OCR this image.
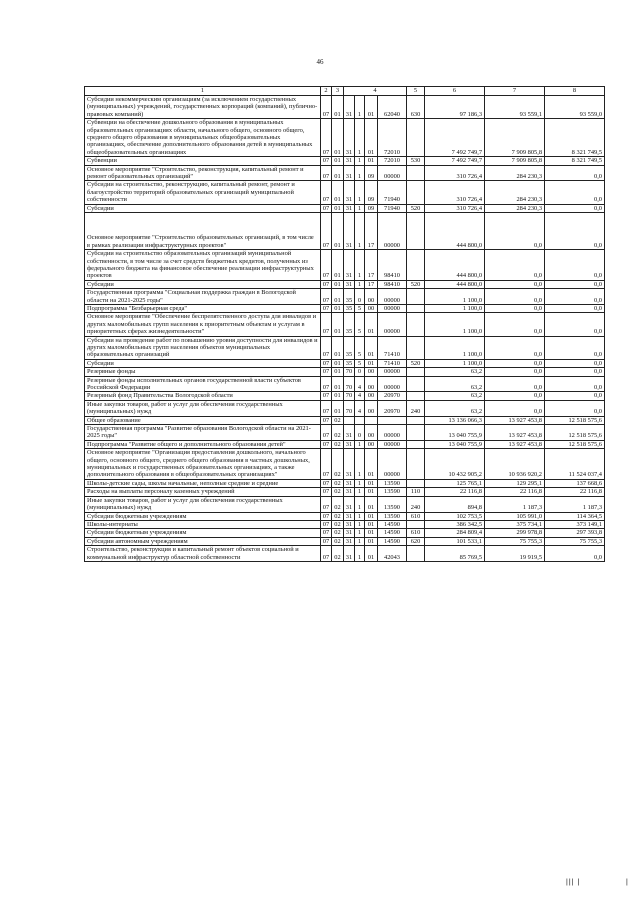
46
1	2	3	4				5	6	7	8
Субсидии некоммерческим организациям (за исключением государственных (муниципальных) учреждений, государственных корпораций (компаний), публично-правовых компаний)	07	01	31	1	01	62040	630	97 186,3	93 559,1	93 559,0
Субвенции на обеспечение дошкольного образования в муниципальных образовательных организациях области, начального общего, основного общего, среднего общего образования в муниципальных общеобразовательных организациях, обеспечение дополнительного образования детей в муниципальных общеобразовательных организациях	07	01	31	1	01	72010		7 492 749,7	7 909 805,8	8 321 749,5
Субвенции	07	01	31	1	01	72010	530	7 492 749,7	7 909 805,8	8 321 749,5
Основное мероприятие "Строительство, реконструкция, капитальный ремонт и ремонт образовательных организаций"	07	01	31	1	09	00000		310 726,4	284 230,3	0,0
Субсидии на строительство, реконструкцию, капитальный ремонт, ремонт и благоустройство территорий образовательных организаций муниципальной собственности	07	01	31	1	09	71940		310 726,4	284 230,3	0,0
Субсидии	07	01	31	1	09	71940	520	310 726,4	284 230,3	0,0
Основное мероприятие "Строительство образовательных организаций, в том числе в рамках реализации инфраструктурных проектов"	07	01	31	1	17	00000		444 800,0	0,0	0,0
Субсидии на строительство образовательных организаций муниципальной собственности, в том числе за счет средств бюджетных кредитов, полученных из федерального бюджета на финансовое обеспечение реализации инфраструктурных проектов	07	01	31	1	17	98410		444 800,0	0,0	0,0
Субсидии	07	01	31	1	17	98410	520	444 800,0	0,0	0,0
Государственная программа "Социальная поддержка граждан в Вологодской области на 2021-2025 годы"	07	01	35	0	00	00000		1 100,0	0,0	0,0
Подпрограмма "Безбарьерная среда"	07	01	35	5	00	00000		1 100,0	0,0	0,0
Основное мероприятие "Обеспечение беспрепятственного доступа для инвалидов и других маломобильных групп населения к приоритетным объектам и услугам в приоритетных сферах жизнедеятельности"	07	01	35	5	01	00000		1 100,0	0,0	0,0
Субсидии на проведение работ по повышению уровня доступности для инвалидов и других маломобильных групп населения объектов муниципальных образовательных организаций	07	01	35	5	01	71410		1 100,0	0,0	0,0
Субсидии	07	01	35	5	01	71410	520	1 100,0	0,0	0,0
Резервные фонды	07	01	70	0	00	00000		63,2	0,0	0,0
Резервные фонды исполнительных органов государственной власти субъектов Российской Федерации	07	01	70	4	00	00000		63,2	0,0	0,0
Резервный фонд Правительства Вологодской области	07	01	70	4	00	20970		63,2	0,0	0,0
Иные закупки товаров, работ и услуг для обеспечения государственных (муниципальных) нужд	07	01	70	4	00	20970	240	63,2	0,0	0,0
Общее образование	07	02						13 136 066,3	13 927 453,8	12 518 575,6
Государственная программа "Развитие образования Вологодской области на 2021-2025 годы"	07	02	31	0	00	00000		13 040 755,9	13 927 453,8	12 518 575,6
Подпрограмма "Развитие общего и дополнительного образования детей"	07	02	31	1	00	00000		13 040 755,9	13 927 453,8	12 518 575,6
Основное мероприятие "Организация предоставления дошкольного, начального общего, основного общего, среднего общего образования в частных дошкольных, муниципальных и государственных образовательных организациях, а также дополнительного образования в общеобразовательных организациях"	07	02	31	1	01	00000		10 432 905,2	10 936 920,2	11 524 037,4
Школы-детские сады, школы начальные, неполные средние и средние	07	02	31	1	01	13590		125 765,1	129 295,1	137 668,6
Расходы на выплаты персоналу казенных учреждений	07	02	31	1	01	13590	110	22 116,8	22 116,8	22 116,8
Иные закупки товаров, работ и услуг для обеспечения государственных (муниципальных) нужд	07	02	31	1	01	13590	240	894,8	1 187,3	1 187,3
Субсидии бюджетным учреждениям	07	02	31	1	01	13590	610	102 753,5	105 991,0	114 364,5
Школы-интернаты	07	02	31	1	01	14590		386 342,5	375 734,1	373 149,1
Субсидии бюджетным учреждениям	07	02	31	1	01	14590	610	284 809,4	299 978,8	297 393,8
Субсидии автономным учреждениям	07	02	31	1	01	14590	620	101 533,1	75 755,3	75 755,3
Строительство, реконструкция и капитальный ремонт объектов социальной и коммунальной инфраструктур областной собственности	07	02	31	1	01	42043		85 769,5	19 919,5	0,0
||| |	|
